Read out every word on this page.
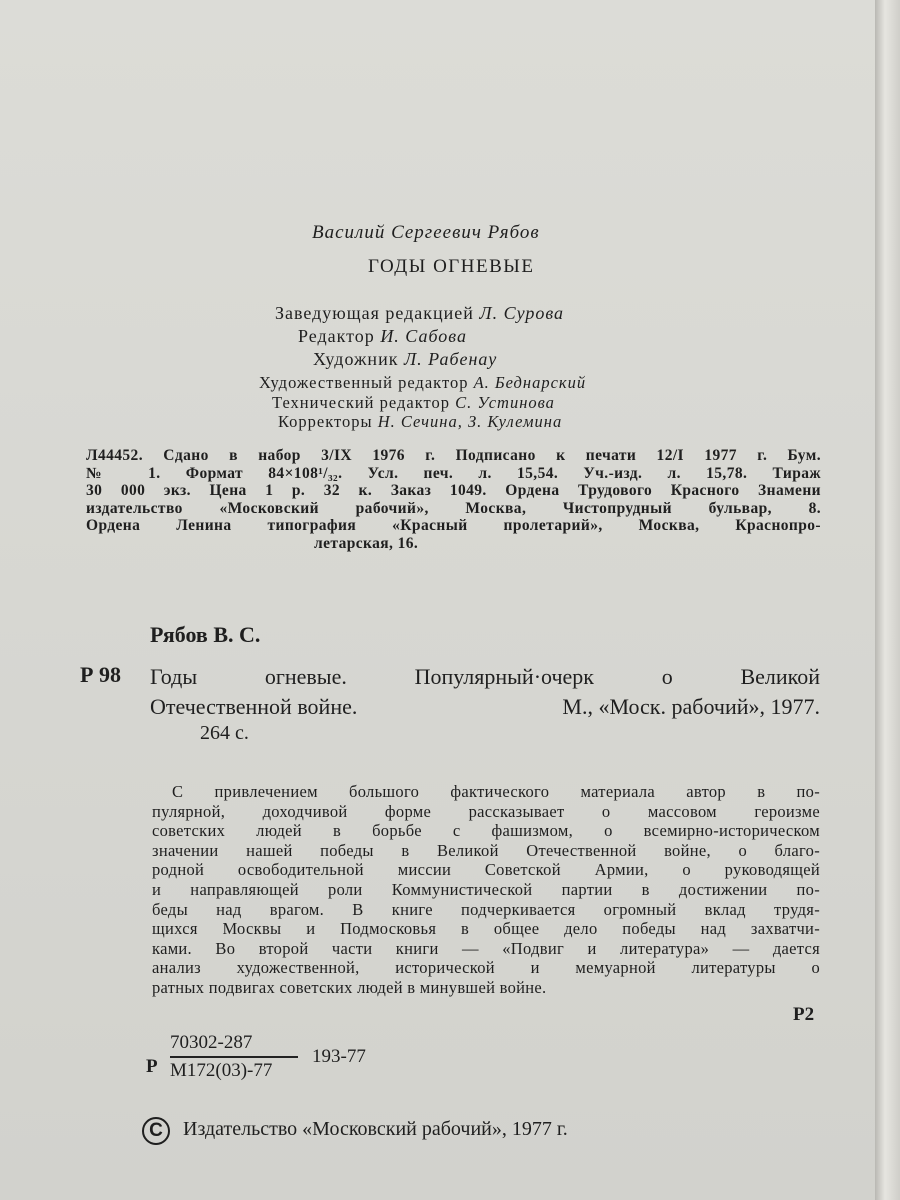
Василий Сергеевич Рябов

ГОДЫ ОГНЕВЫЕ

Заведующая редакцией Л. Сурова
Редактор И. Сабова
Художник Л. Рабенау
Художественный редактор А. Беднарский
Технический редактор С. Устинова
Корректоры Н. Сечина, З. Кулемина
Л44452. Сдано в набор 3/IX 1976 г. Подписано к печати 12/I 1977 г. Бум.
№ 1. Формат 84×108¹/₃₂. Усл. печ. л. 15,54. Уч.-изд. л. 15,78. Тираж
30 000 экз. Цена 1 р. 32 к. Заказ 1049. Ордена Трудового Красного Знамени
издательство «Московский рабочий», Москва, Чистопрудный бульвар, 8.
Ордена Ленина типография «Красный пролетарий», Москва, Краснопро-
летарская, 16.

Рябов В. С.

Р 98 Годы огневые. Популярный·очерк о Великой

Отечественной войне.	М., «Моск. рабочий», 1977.

264 с.

С привлечением большого фактического материала автор в по-
пулярной, доходчивой форме рассказывает о массовом героизме
советских людей в борьбе с фашизмом, о всемирно-историческом
значении нашей победы в Великой Отечественной войне, о благо-
родной освободительной миссии Советской Армии, о руководящей
и направляющей роли Коммунистической партии в достижении по-
беды над врагом. В книге подчеркивается огромный вклад трудя-
щихся Москвы и Подмосковья в общее дело победы над захватчи-
ками. Во второй части книги — «Подвиг и литература» — дается
анализ художественной, исторической и мемуарной литературы о
ратных подвигах советских людей в минувшей войне.

Р2

Р
70302-287
М172(03)-77
193-77
C	Издательство «Московский рабочий», 1977 г.
